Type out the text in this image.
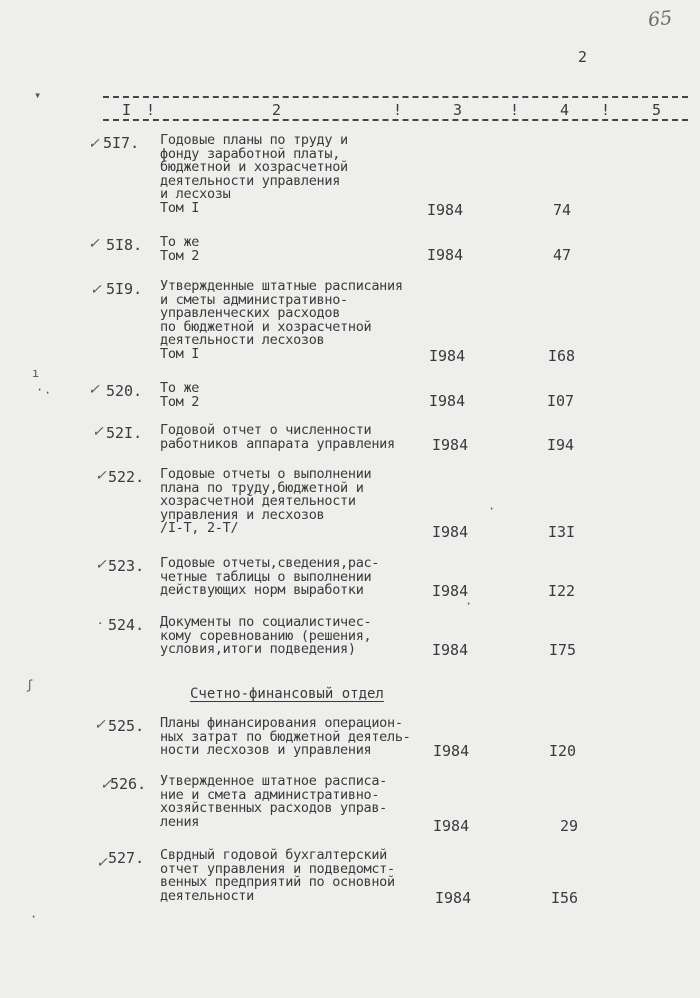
65
2
I !	2	!	3	!	4 !	5
✓ 5I7. Годовые планы по труду и
фонду заработной платы,
бюджетной и хозрасчетной
деятельности управления
и лесхозы
Том I	I984	74
✓ 5I8. То же
Том 2	I984	47
✓ 5I9. Утвержденные штатные расписания
и сметы административно-
управленческих расходов
по бюджетной и хозрасчетной
деятельности лесхозов
Том I	I984	I68
✓ 520. То же
Том 2	I984	I07
✓ 52I. Годовой отчет о численности
работников аппарата управления I984	I94
✓ 522. Годовые отчеты о выполнении
плана по труду,бюджетной и
хозрасчетной деятельности
управления и лесхозов
/I-Т, 2-Т/	I984	I3I
✓ 523. Годовые отчеты,сведения,рас-
четные таблицы о выполнении
действующих норм выработки	I984	I22
· 524. Документы по социалистичес-
кому соревнованию (решения,
условия,итоги подведения)	I984	I75
Счетно-финансовый отдел
✓ 525. Планы финансирования операцион-
ных затрат по бюджетной деятель-
ности лесхозов и управления	I984	I20
✓
526. Утвержденное штатное расписа-
ние и смета административно-
хозяйственных расходов управ-
ления	I984	29
✓ 527. Сврдный годовой бухгалтерский
отчет управления и подведомст-
венных предприятий по основной
деятельности	I984	I56
▾
ı
· ·
ʃ
·
·
·
